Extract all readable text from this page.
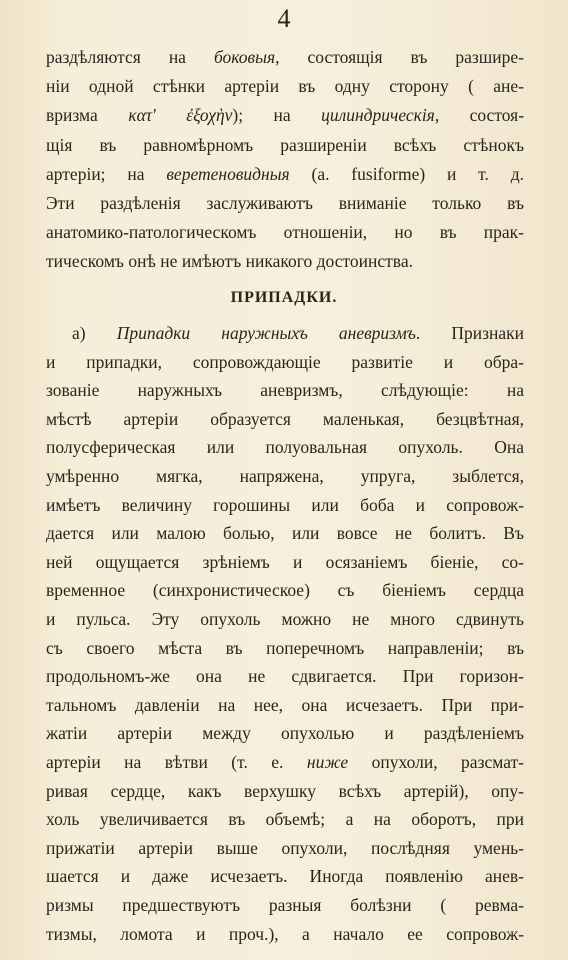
4
раздѣляются на боковыя, состоящія въ разширe-
ніи одной стѣнки артеріи въ одну сторону ( анe-
вризма κατ' ἐξοχὴν); на цилиндрическія, состоя-
щія въ равномѣрномъ разширеніи всѣхъ стѣнокъ
артеріи; на веретеновидныя (а. fusiforme) и т. д.
Эти раздѣленія заслуживаютъ вниманіе только въ
анатомико-патологическомъ отношеніи, но въ прак-
тическомъ онѣ не имѣютъ никакого достоинства.
ПРИПАДКИ.
а) Припадки наружныхъ аневризмъ. Признаки
и припадки, сопровождающіе развитіе и обра-
зованіе наружныхъ аневризмъ, слѣдующіе: на
мѣстѣ артеріи образуется маленькая, безцвѣтная,
полусферическая или полуовальная опухоль. Она
умѣренно мягка, напряжена, упруга, зыблется,
имѣетъ величину горошины или боба и сопровож-
дается или малою болью, или вовсе не болитъ. Въ
ней ощущается зрѣніемъ и осязаніемъ біеніе, со-
временное (синхронистическое) съ біеніемъ сердца
и пульса. Эту опухоль можно не много сдвинуть
съ своего мѣста въ поперечномъ направленіи; въ
продольномъ-же она не сдвигается. При горизон-
тальномъ давленіи на нее, она исчезаетъ. При при-
жатіи артеріи между опухолью и раздѣленіемъ
артеріи на вѣтви (т. е. ниже опухоли, разсмат-
ривая сердце, какъ верхушку всѣхъ артерій), опу-
холь увеличивается въ объемѣ; а на оборотъ, при
прижатіи артеріи выше опухоли, послѣдняя умень-
шается и даже исчезаетъ. Иногда появленію анев-
ризмы предшествуютъ разныя болѣзни ( ревма-
тизмы, ломота и проч.), а начало ее сопровож-
